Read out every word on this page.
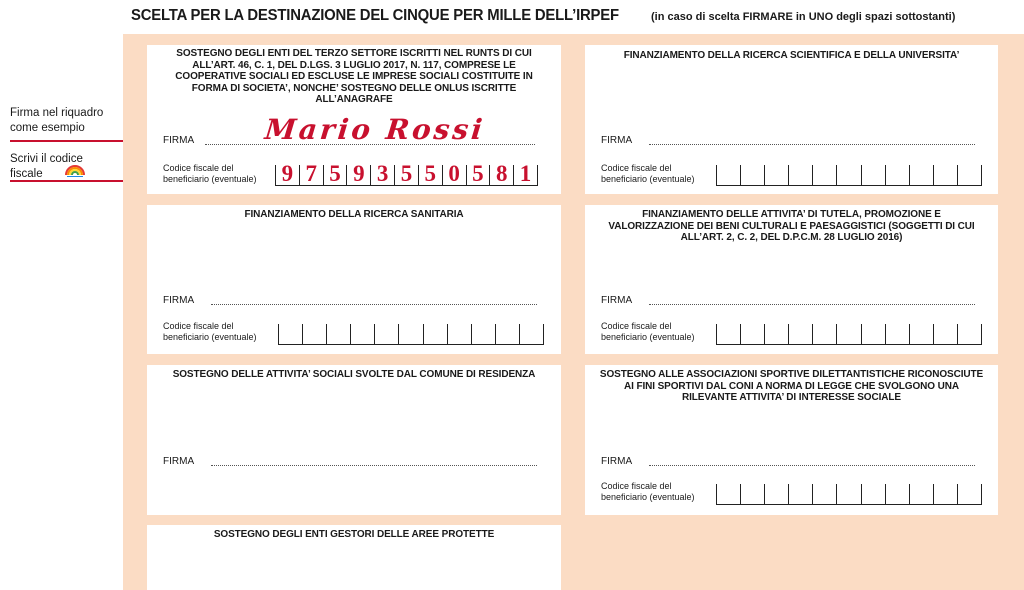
SCELTA PER LA DESTINAZIONE DEL CINQUE PER MILLE DELL’IRPEF	(in caso di scelta FIRMARE in UNO degli spazi sottostanti)
Firma nel riquadro come esempio
Scrivi il codice fiscale
SOSTEGNO DEGLI ENTI DEL TERZO SETTORE ISCRITTI NEL RUNTS DI CUI ALL’ART. 46, C. 1, DEL D.LGS. 3 LUGLIO 2017, N. 117, COMPRESE LE COOPERATIVE SOCIALI ED ESCLUSE LE IMPRESE SOCIALI COSTITUITE IN FORMA DI SOCIETA’, NONCHE’ SOSTEGNO DELLE ONLUS ISCRITTE ALL’ANAGRAFE
FIRMA Mario Rossi
Codice fiscale del
beneficiario (eventuale) 9 7 5 9 3 5 5 0 5 8 1
FINANZIAMENTO DELLA RICERCA SCIENTIFICA E DELLA UNIVERSITA’
FIRMA
Codice fiscale del
beneficiario (eventuale)
FINANZIAMENTO DELLA RICERCA SANITARIA
FIRMA
Codice fiscale del
beneficiario (eventuale)
FINANZIAMENTO DELLE ATTIVITA’ DI TUTELA, PROMOZIONE E VALORIZZAZIONE DEI BENI CULTURALI E PAESAGGISTICI (SOGGETTI DI CUI ALL’ART. 2, C. 2, DEL D.P.C.M. 28 LUGLIO 2016)
FIRMA
Codice fiscale del
beneficiario (eventuale)
SOSTEGNO DELLE ATTIVITA’ SOCIALI SVOLTE DAL COMUNE DI RESIDENZA
FIRMA
SOSTEGNO ALLE ASSOCIAZIONI SPORTIVE DILETTANTISTICHE RICONOSCIUTE AI FINI SPORTIVI DAL CONI A NORMA DI LEGGE CHE SVOLGONO UNA RILEVANTE ATTIVITA’ DI INTERESSE SOCIALE
FIRMA
Codice fiscale del
beneficiario (eventuale)
SOSTEGNO DEGLI ENTI GESTORI DELLE AREE PROTETTE
